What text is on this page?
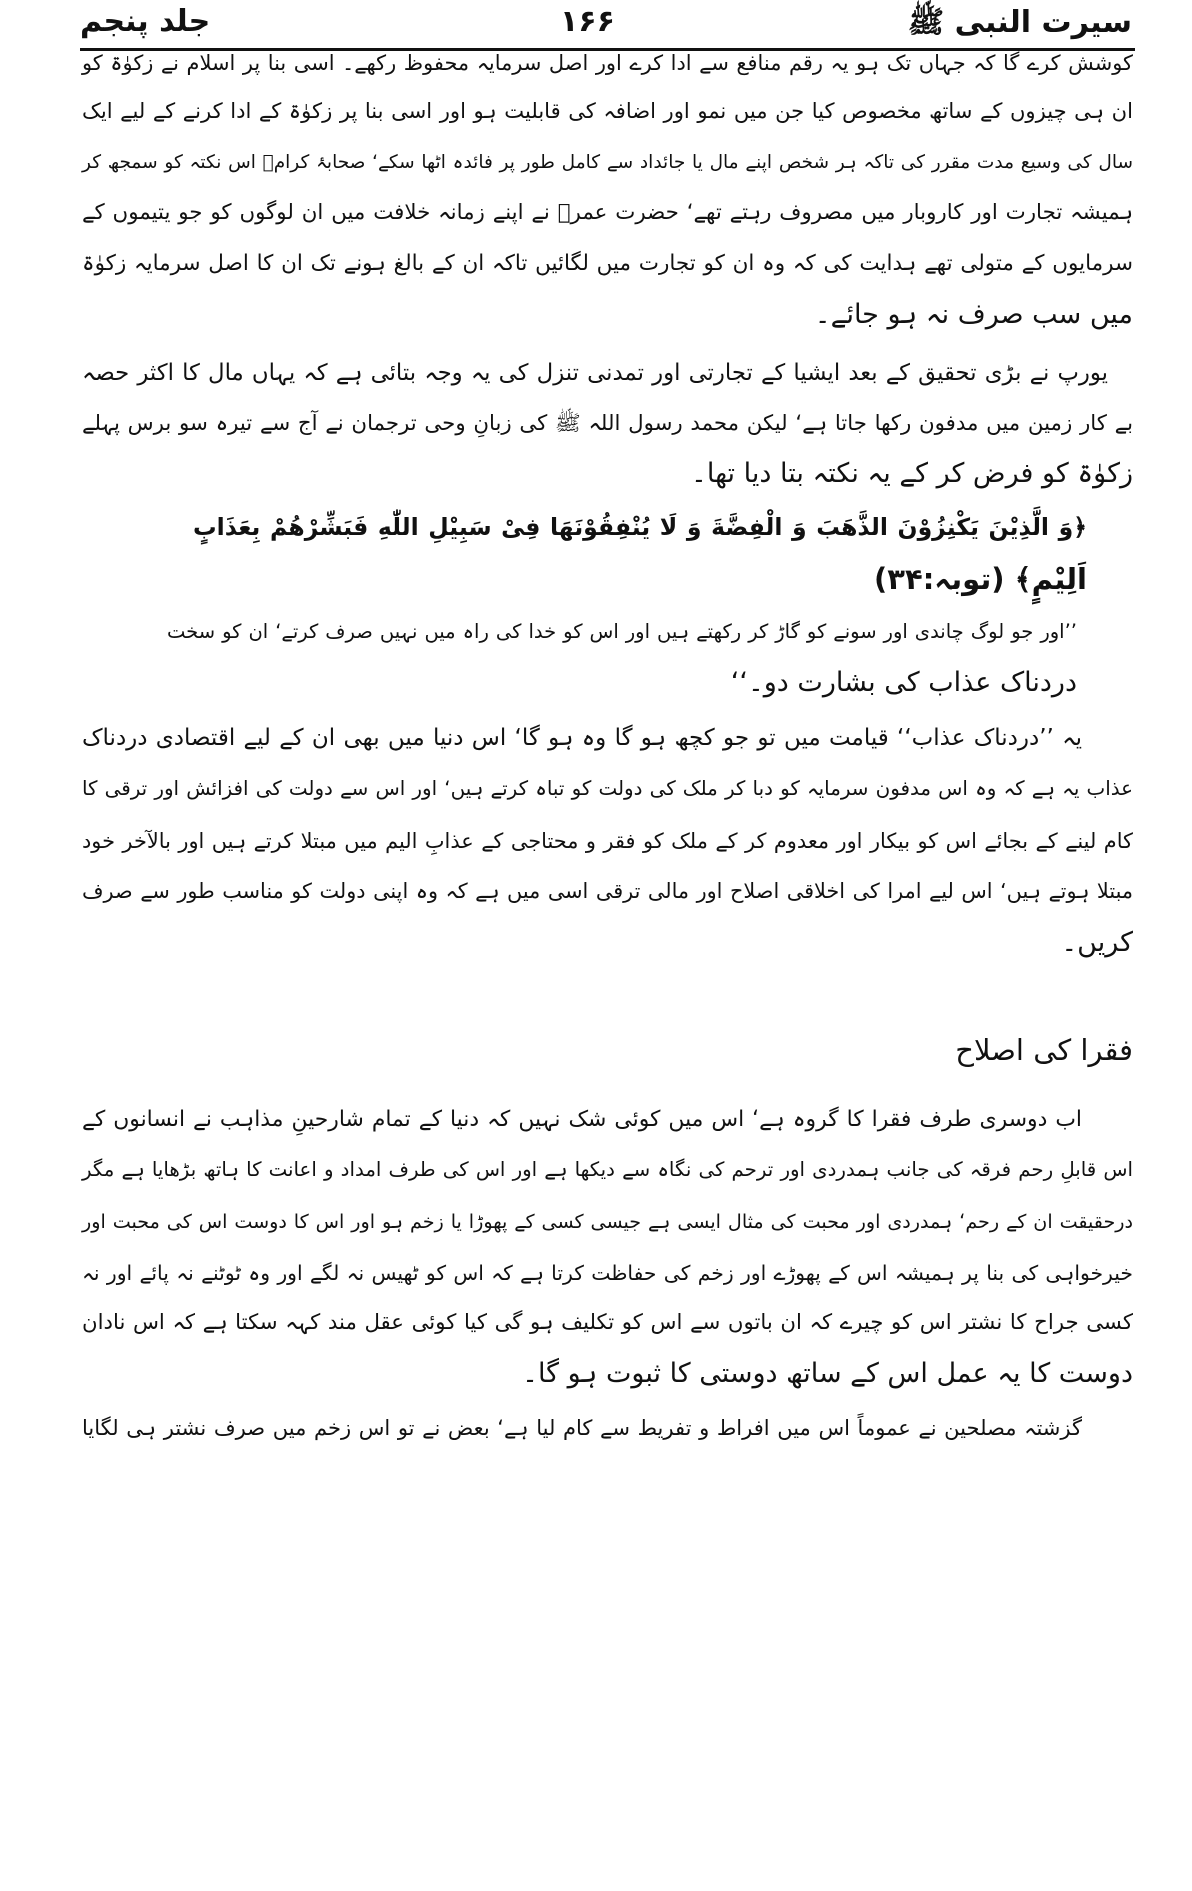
سیرت النبی ﷺ
۱۶۶
جلد پنجم
کوشش کرے گا کہ جہاں تک ہو یہ رقم منافع سے ادا کرے اور اصل سرمایہ محفوظ رکھے۔ اسی بنا پر اسلام نے زکوٰۃ کو
ان ہی چیزوں کے ساتھ مخصوص کیا جن میں نمو اور اضافہ کی قابلیت ہو اور اسی بنا پر زکوٰۃ کے ادا کرنے کے لیے ایک
سال کی وسیع مدت مقرر کی تاکہ ہر شخص اپنے مال یا جائداد سے کامل طور پر فائدہ اٹھا سکے‘ صحابۂ کرامؓ اس نکتہ کو سمجھ کر
ہمیشہ تجارت اور کاروبار میں مصروف رہتے تھے‘ حضرت عمرؓ نے اپنے زمانہ خلافت میں ان لوگوں کو جو یتیموں کے
سرمایوں کے متولی تھے ہدایت کی کہ وہ ان کو تجارت میں لگائیں تاکہ ان کے بالغ ہونے تک ان کا اصل سرمایہ زکوٰۃ
میں سب صرف نہ ہو جائے۔
یورپ نے بڑی تحقیق کے بعد ایشیا کے تجارتی اور تمدنی تنزل کی یہ وجہ بتائی ہے کہ یہاں مال کا اکثر حصہ
بے کار زمین میں مدفون رکھا جاتا ہے‘ لیکن محمد رسول اللہ ﷺ کی زبانِ وحی ترجمان نے آج سے تیرہ سو برس پہلے
زکوٰۃ کو فرض کر کے یہ نکتہ بتا دیا تھا۔
﴿وَ الَّذِیْنَ یَكْنِزُوْنَ الذَّهَبَ وَ الْفِضَّةَ وَ لَا یُنْفِقُوْنَهَا فِیْ سَبِیْلِ اللّٰهِ فَبَشِّرْهُمْ بِعَذَابٍ
اَلِیْمٍ﴾ (توبہ:۳۴)
’’اور جو لوگ چاندی اور سونے کو گاڑ کر رکھتے ہیں اور اس کو خدا کی راہ میں نہیں صرف کرتے‘ ان کو سخت
دردناک عذاب کی بشارت دو۔‘‘
یہ ’’دردناک عذاب‘‘ قیامت میں تو جو کچھ ہو گا وہ ہو گا‘ اس دنیا میں بھی ان کے لیے اقتصادی دردناک
عذاب یہ ہے کہ وہ اس مدفون سرمایہ کو دبا کر ملک کی دولت کو تباہ کرتے ہیں‘ اور اس سے دولت کی افزائش اور ترقی کا
کام لینے کے بجائے اس کو بیکار اور معدوم کر کے ملک کو فقر و محتاجی کے عذابِ الیم میں مبتلا کرتے ہیں اور بالآخر خود
مبتلا ہوتے ہیں‘ اس لیے امرا کی اخلاقی اصلاح اور مالی ترقی اسی میں ہے کہ وہ اپنی دولت کو مناسب طور سے صرف
کریں۔
فقرا کی اصلاح
اب دوسری طرف فقرا کا گروہ ہے‘ اس میں کوئی شک نہیں کہ دنیا کے تمام شارحینِ مذاہب نے انسانوں کے
اس قابلِ رحم فرقہ کی جانب ہمدردی اور ترحم کی نگاہ سے دیکھا ہے اور اس کی طرف امداد و اعانت کا ہاتھ بڑھایا ہے مگر
درحقیقت ان کے رحم‘ ہمدردی اور محبت کی مثال ایسی ہے جیسی کسی کے پھوڑا یا زخم ہو اور اس کا دوست اس کی محبت اور
خیرخواہی کی بنا پر ہمیشہ اس کے پھوڑے اور زخم کی حفاظت کرتا ہے کہ اس کو ٹھیس نہ لگے اور وہ ٹوٹنے نہ پائے اور نہ
کسی جراح کا نشتر اس کو چیرے کہ ان باتوں سے اس کو تکلیف ہو گی کیا کوئی عقل مند کہہ سکتا ہے کہ اس نادان
دوست کا یہ عمل اس کے ساتھ دوستی کا ثبوت ہو گا۔
گزشتہ مصلحین نے عموماً اس میں افراط و تفریط سے کام لیا ہے‘ بعض نے تو اس زخم میں صرف نشتر ہی لگایا
